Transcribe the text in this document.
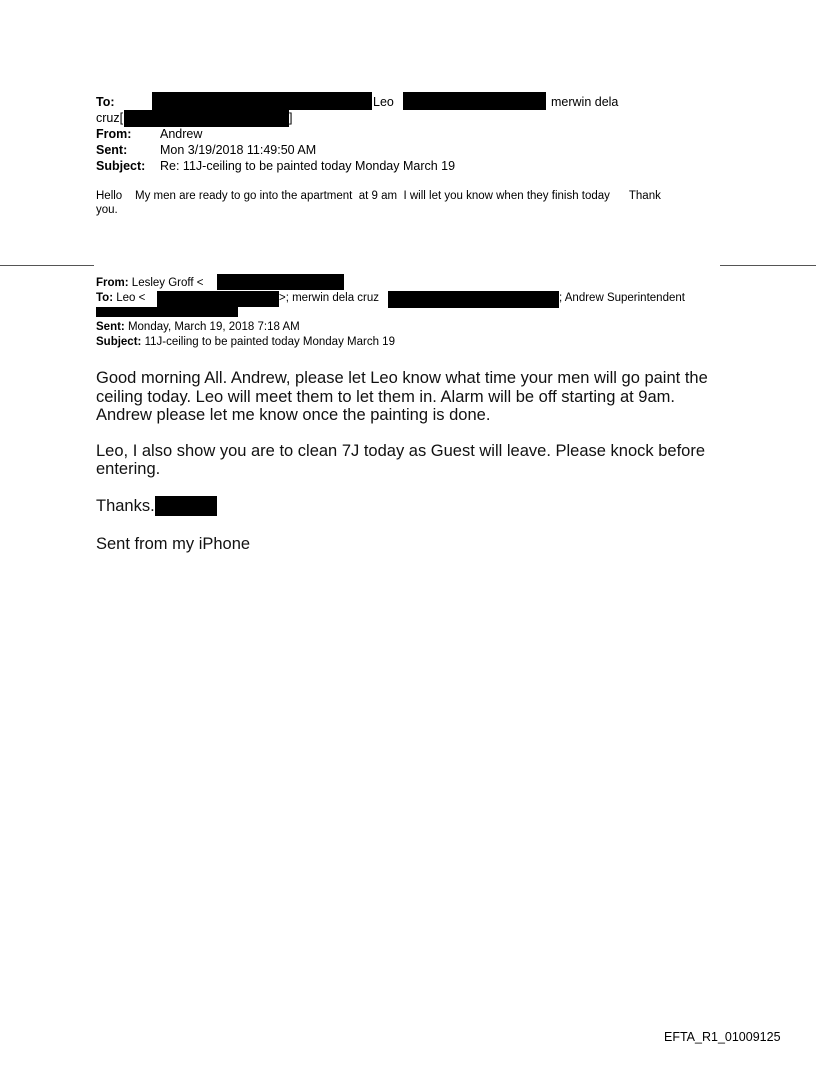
To:	Leo	merwin dela
cruz[	]
From: Andrew
Sent:	Mon 3/19/2018 11:49:50 AM
Subject: Re: 11J-ceiling to be painted today Monday March 19
Hello    My men are ready to go into the apartment  at 9 am  I will let you know when they finish today      Thank
you.
From: Lesley Groff <
To: Leo <	>; merwin dela cruz	; Andrew Superintendent
Sent: Monday, March 19, 2018 7:18 AM
Subject: 11J-ceiling to be painted today Monday March 19
Good morning All. Andrew, please let Leo know what time your men will go paint the
ceiling today. Leo will meet them to let them in. Alarm will be off starting at 9am.
Andrew please let me know once the painting is done.
Leo, I also show you are to clean 7J today as Guest will leave. Please knock before
entering.
Thanks.
Sent from my iPhone
EFTA_R1_01009125
